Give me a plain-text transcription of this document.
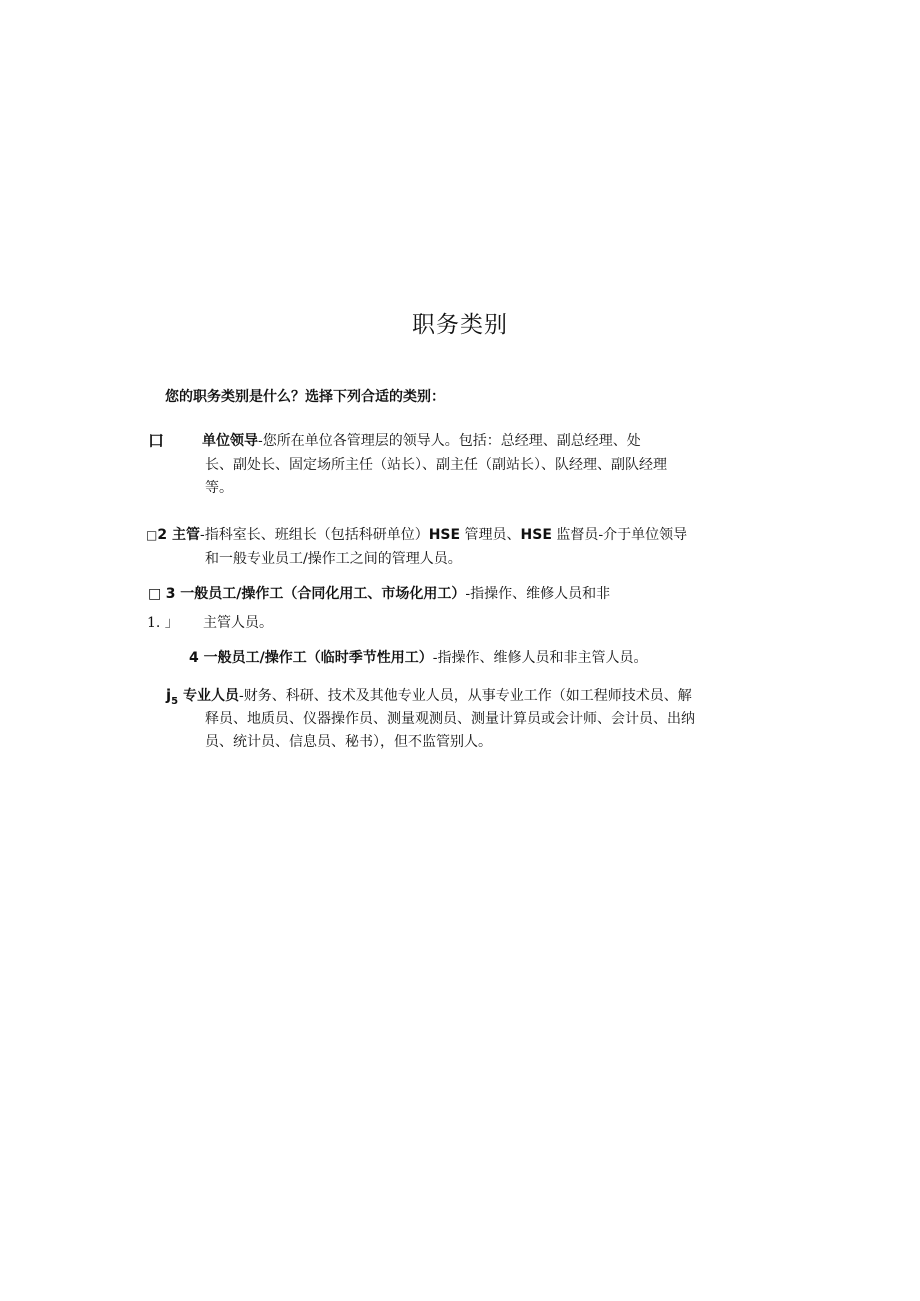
职务类别
您的职务类别是什么？选择下列合适的类别：
口	单位领导-您所在单位各管理层的领导人。包括：总经理、副总经理、处
长、副处长、固定场所主任（站长）、副主任（副站长）、队经理、副队经理
等。
□2 主管-指科室长、班组长（包括科研单位）HSE 管理员、HSE 监督员-介于单位领导
和一般专业员工/操作工之间的管理人员。
□ 3 一般员工/操作工（合同化用工、市场化用工）-指操作、维修人员和非
1. 」 主管人员。
4 一般员工/操作工（临时季节性用工）-指操作、维修人员和非主管人员。
$j_5$ 专业人员-财务、科研、技术及其他专业人员，从事专业工作（如工程师技术员、解
释员、地质员、仪器操作员、测量观测员、测量计算员或会计师、会计员、出纳
员、统计员、信息员、秘书），但不监管别人。
